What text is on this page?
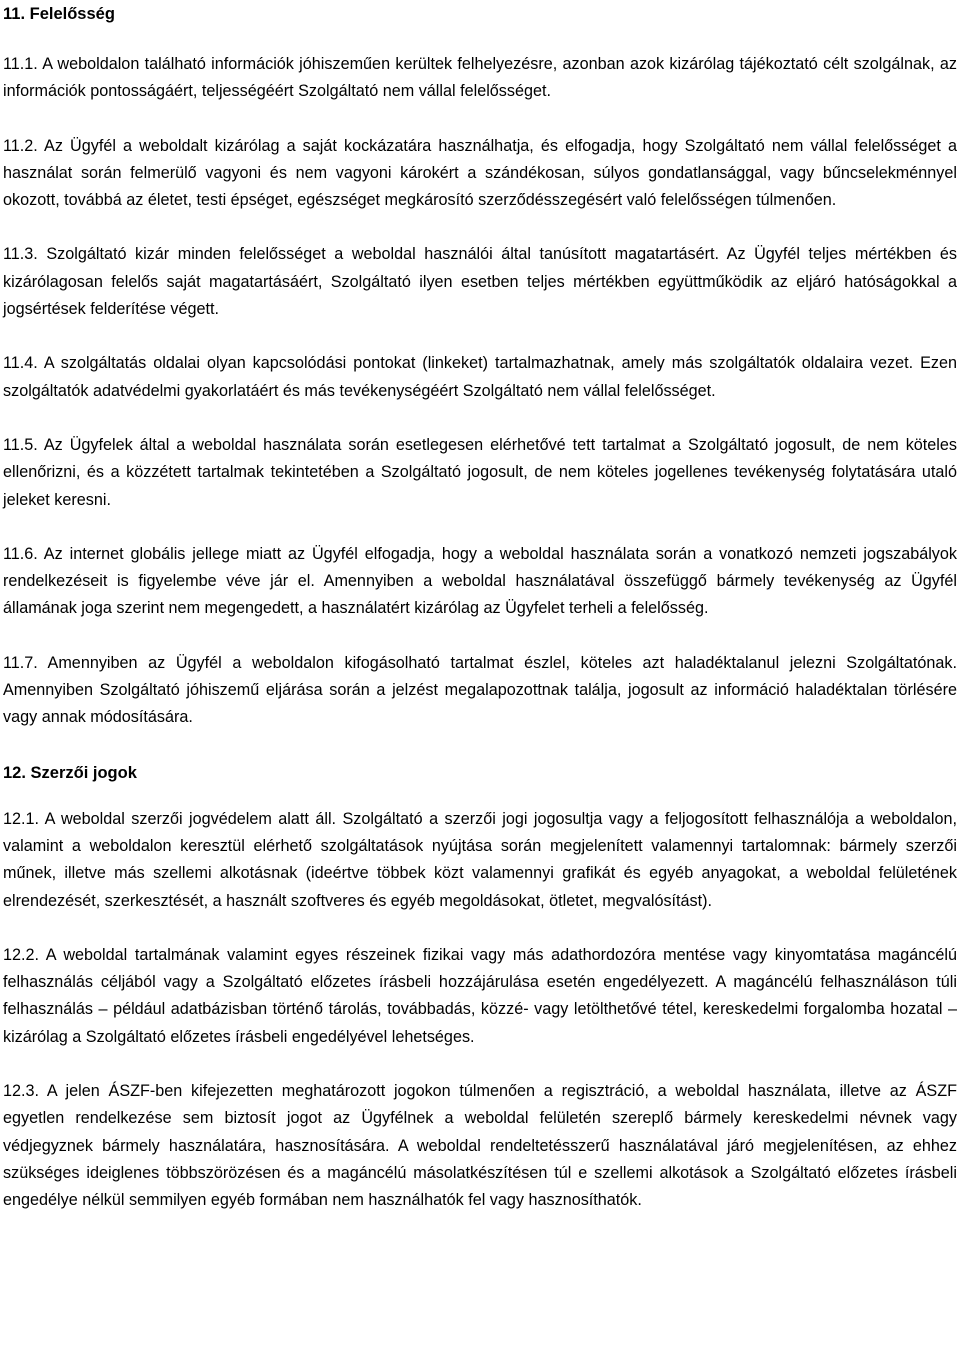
11. Felelősség

11.1. A weboldalon található információk jóhiszeműen kerültek felhelyezésre, azonban azok kizárólag tájékoztató célt szolgálnak, az információk pontosságáért, teljességéért Szolgáltató nem vállal felelősséget.

11.2. Az Ügyfél a weboldalt kizárólag a saját kockázatára használhatja, és elfogadja, hogy Szolgáltató nem vállal felelősséget a használat során felmerülő vagyoni és nem vagyoni károkért a szándékosan, súlyos gondatlansággal, vagy bűncselekménnyel okozott, továbbá az életet, testi épséget, egészséget megkárosító szerződésszegésért való felelősségen túlmenően.

11.3. Szolgáltató kizár minden felelősséget a weboldal használói által tanúsított magatartásért. Az Ügyfél teljes mértékben és kizárólagosan felelős saját magatartásáért, Szolgáltató ilyen esetben teljes mértékben együttműködik az eljáró hatóságokkal a jogsértések felderítése végett.

11.4. A szolgáltatás oldalai olyan kapcsolódási pontokat (linkeket) tartalmazhatnak, amely más szolgáltatók oldalaira vezet. Ezen szolgáltatók adatvédelmi gyakorlatáért és más tevékenységéért Szolgáltató nem vállal felelősséget.

11.5. Az Ügyfelek által a weboldal használata során esetlegesen elérhetővé tett tartalmat a Szolgáltató jogosult, de nem köteles ellenőrizni, és a közzétett tartalmak tekintetében a Szolgáltató jogosult, de nem köteles jogellenes tevékenység folytatására utaló jeleket keresni.

11.6. Az internet globális jellege miatt az Ügyfél elfogadja, hogy a weboldal használata során a vonatkozó nemzeti jogszabályok rendelkezéseit is figyelembe véve jár el. Amennyiben a weboldal használatával összefüggő bármely tevékenység az Ügyfél államának joga szerint nem megengedett, a használatért kizárólag az Ügyfelet terheli a felelősség.

11.7. Amennyiben az Ügyfél a weboldalon kifogásolható tartalmat észlel, köteles azt haladéktalanul jelezni Szolgáltatónak. Amennyiben Szolgáltató jóhiszemű eljárása során a jelzést megalapozottnak találja, jogosult az információ haladéktalan törlésére vagy annak módosítására.

12. Szerzői jogok

12.1. A weboldal szerzői jogvédelem alatt áll. Szolgáltató a szerzői jogi jogosultja vagy a feljogosított felhasználója a weboldalon, valamint a weboldalon keresztül elérhető szolgáltatások nyújtása során megjelenített valamennyi tartalomnak: bármely szerzői műnek, illetve más szellemi alkotásnak (ideértve többek közt valamennyi grafikát és egyéb anyagokat, a weboldal felületének elrendezését, szerkesztését, a használt szoftveres és egyéb megoldásokat, ötletet, megvalósítást).

12.2. A weboldal tartalmának valamint egyes részeinek fizikai vagy más adathordozóra mentése vagy kinyomtatása magáncélú felhasználás céljából vagy a Szolgáltató előzetes írásbeli hozzájárulása esetén engedélyezett. A magáncélú felhasználáson túli felhasználás – például adatbázisban történő tárolás, továbbadás, közzé- vagy letölthetővé tétel, kereskedelmi forgalomba hozatal – kizárólag a Szolgáltató előzetes írásbeli engedélyével lehetséges.

12.3. A jelen ÁSZF-ben kifejezetten meghatározott jogokon túlmenően a regisztráció, a weboldal használata, illetve az ÁSZF egyetlen rendelkezése sem biztosít jogot az Ügyfélnek a weboldal felületén szereplő bármely kereskedelmi névnek vagy védjegyznek bármely használatára, hasznosítására. A weboldal rendeltetésszerű használatával járó megjelenítésen, az ehhez szükséges ideiglenes többszörözésen és a magáncélú másolatkészítésen túl e szellemi alkotások a Szolgáltató előzetes írásbeli engedélye nélkül semmilyen egyéb formában nem használhatók fel vagy hasznosíthatók.
